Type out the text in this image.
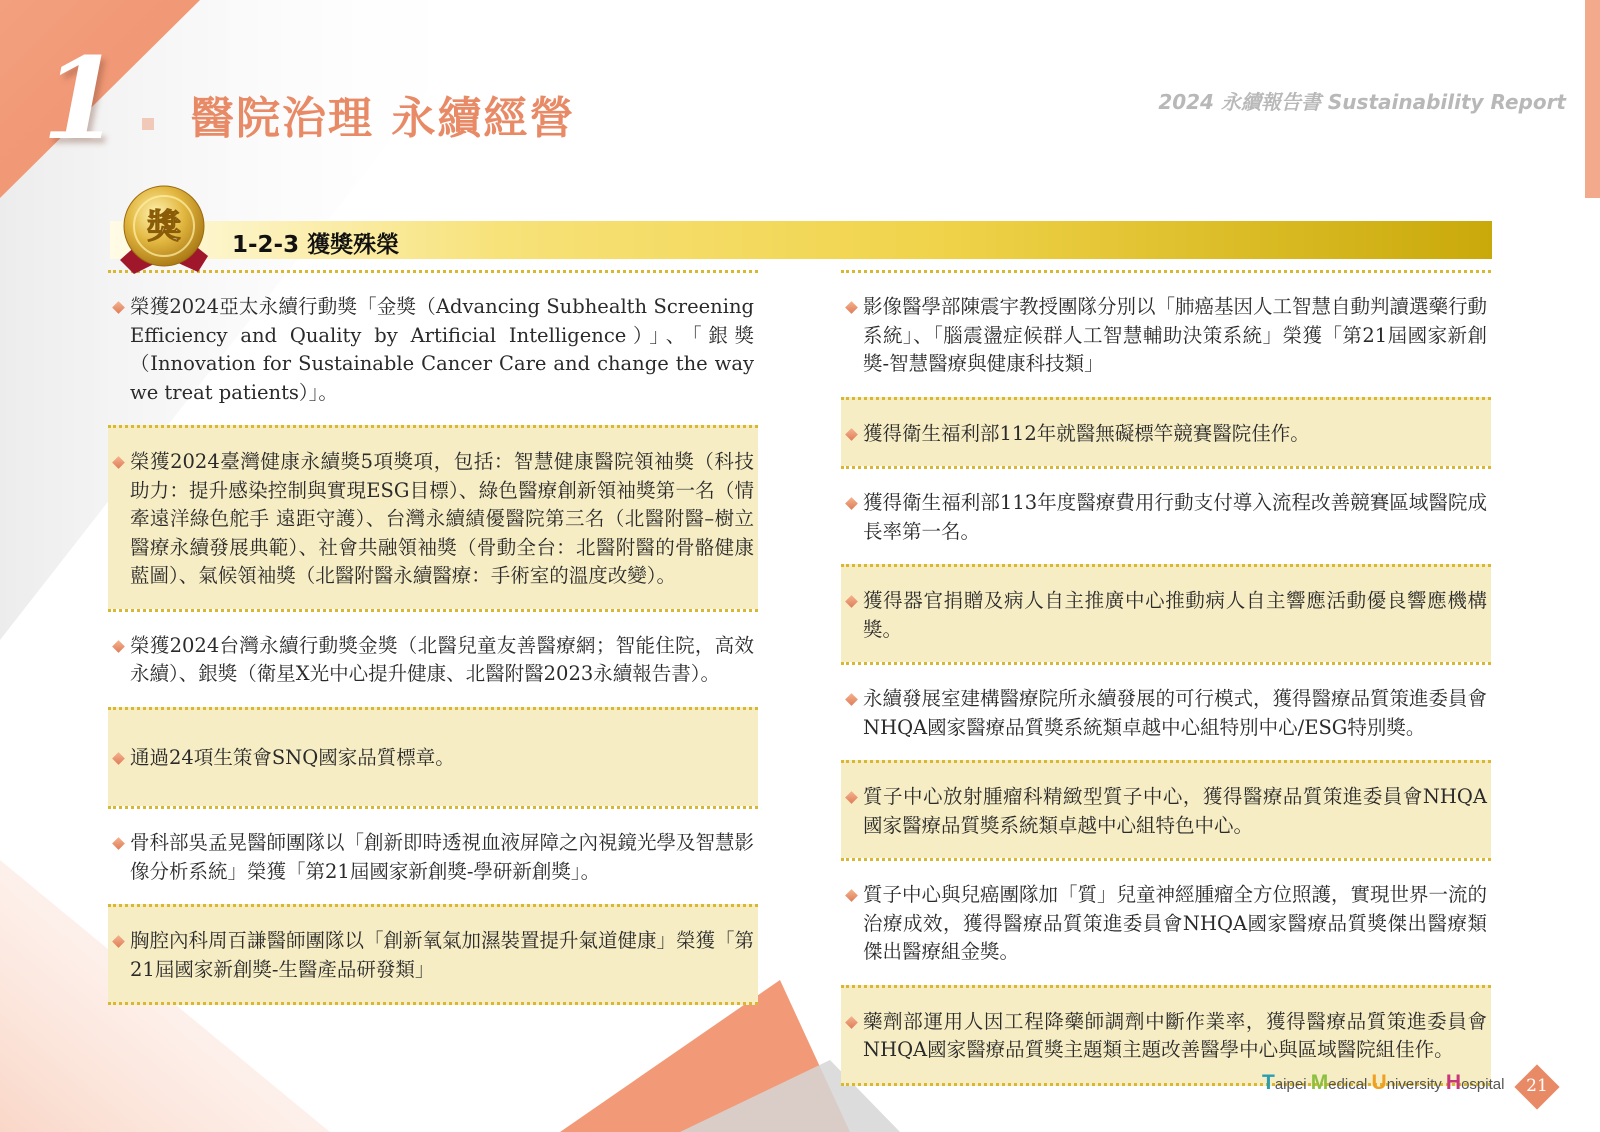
1 醫院治理 永續經營	2024 永續報告書 Sustainability Report
1-2-3 獲獎殊榮
獎
榮獲2024亞太永續行動獎「金獎（Advancing Subhealth Screening Efficiency and Quality by Artificial Intelligence）」、「銀獎（Innovation for Sustainable Cancer Care and change the way we treat patients）」。
榮獲2024臺灣健康永續獎5項獎項，包括：智慧健康醫院領袖獎（科技助力：提升感染控制與實現ESG目標）、綠色醫療創新領袖獎第一名（情牽遠洋綠色舵手 遠距守護）、台灣永續績優醫院第三名（北醫附醫–樹立醫療永續發展典範）、社會共融領袖獎（骨動全台：北醫附醫的骨骼健康藍圖）、氣候領袖獎（北醫附醫永續醫療：手術室的溫度改變）。
榮獲2024台灣永續行動獎金獎（北醫兒童友善醫療網；智能住院，高效永續）、銀獎（衛星X光中心提升健康、北醫附醫2023永續報告書）。
通過24項生策會SNQ國家品質標章。
骨科部吳孟晃醫師團隊以「創新即時透視血液屏障之內視鏡光學及智慧影像分析系統」榮獲「第21屆國家新創獎-學研新創獎」。
胸腔內科周百謙醫師團隊以「創新氧氣加濕裝置提升氣道健康」榮獲「第21屆國家新創獎-生醫產品研發類」
影像醫學部陳震宇教授團隊分別以「肺癌基因人工智慧自動判讀選藥行動系統」、「腦震盪症候群人工智慧輔助決策系統」榮獲「第21屆國家新創獎-智慧醫療與健康科技類」
獲得衛生福利部112年就醫無礙標竿競賽醫院佳作。
獲得衛生福利部113年度醫療費用行動支付導入流程改善競賽區域醫院成長率第一名。
獲得器官捐贈及病人自主推廣中心推動病人自主響應活動優良響應機構獎。
永續發展室建構醫療院所永續發展的可行模式，獲得醫療品質策進委員會NHQA國家醫療品質獎系統類卓越中心組特別中心/ESG特別獎。
質子中心放射腫瘤科精緻型質子中心，獲得醫療品質策進委員會NHQA國家醫療品質獎系統類卓越中心組特色中心。
質子中心與兒癌團隊加「質」兒童神經腫瘤全方位照護，實現世界一流的治療成效，獲得醫療品質策進委員會NHQA國家醫療品質獎傑出醫療類傑出醫療組金獎。
藥劑部運用人因工程降藥師調劑中斷作業率，獲得醫療品質策進委員會NHQA國家醫療品質獎主題類主題改善醫學中心與區域醫院組佳作。
Taipei Medical University Hospital	21
